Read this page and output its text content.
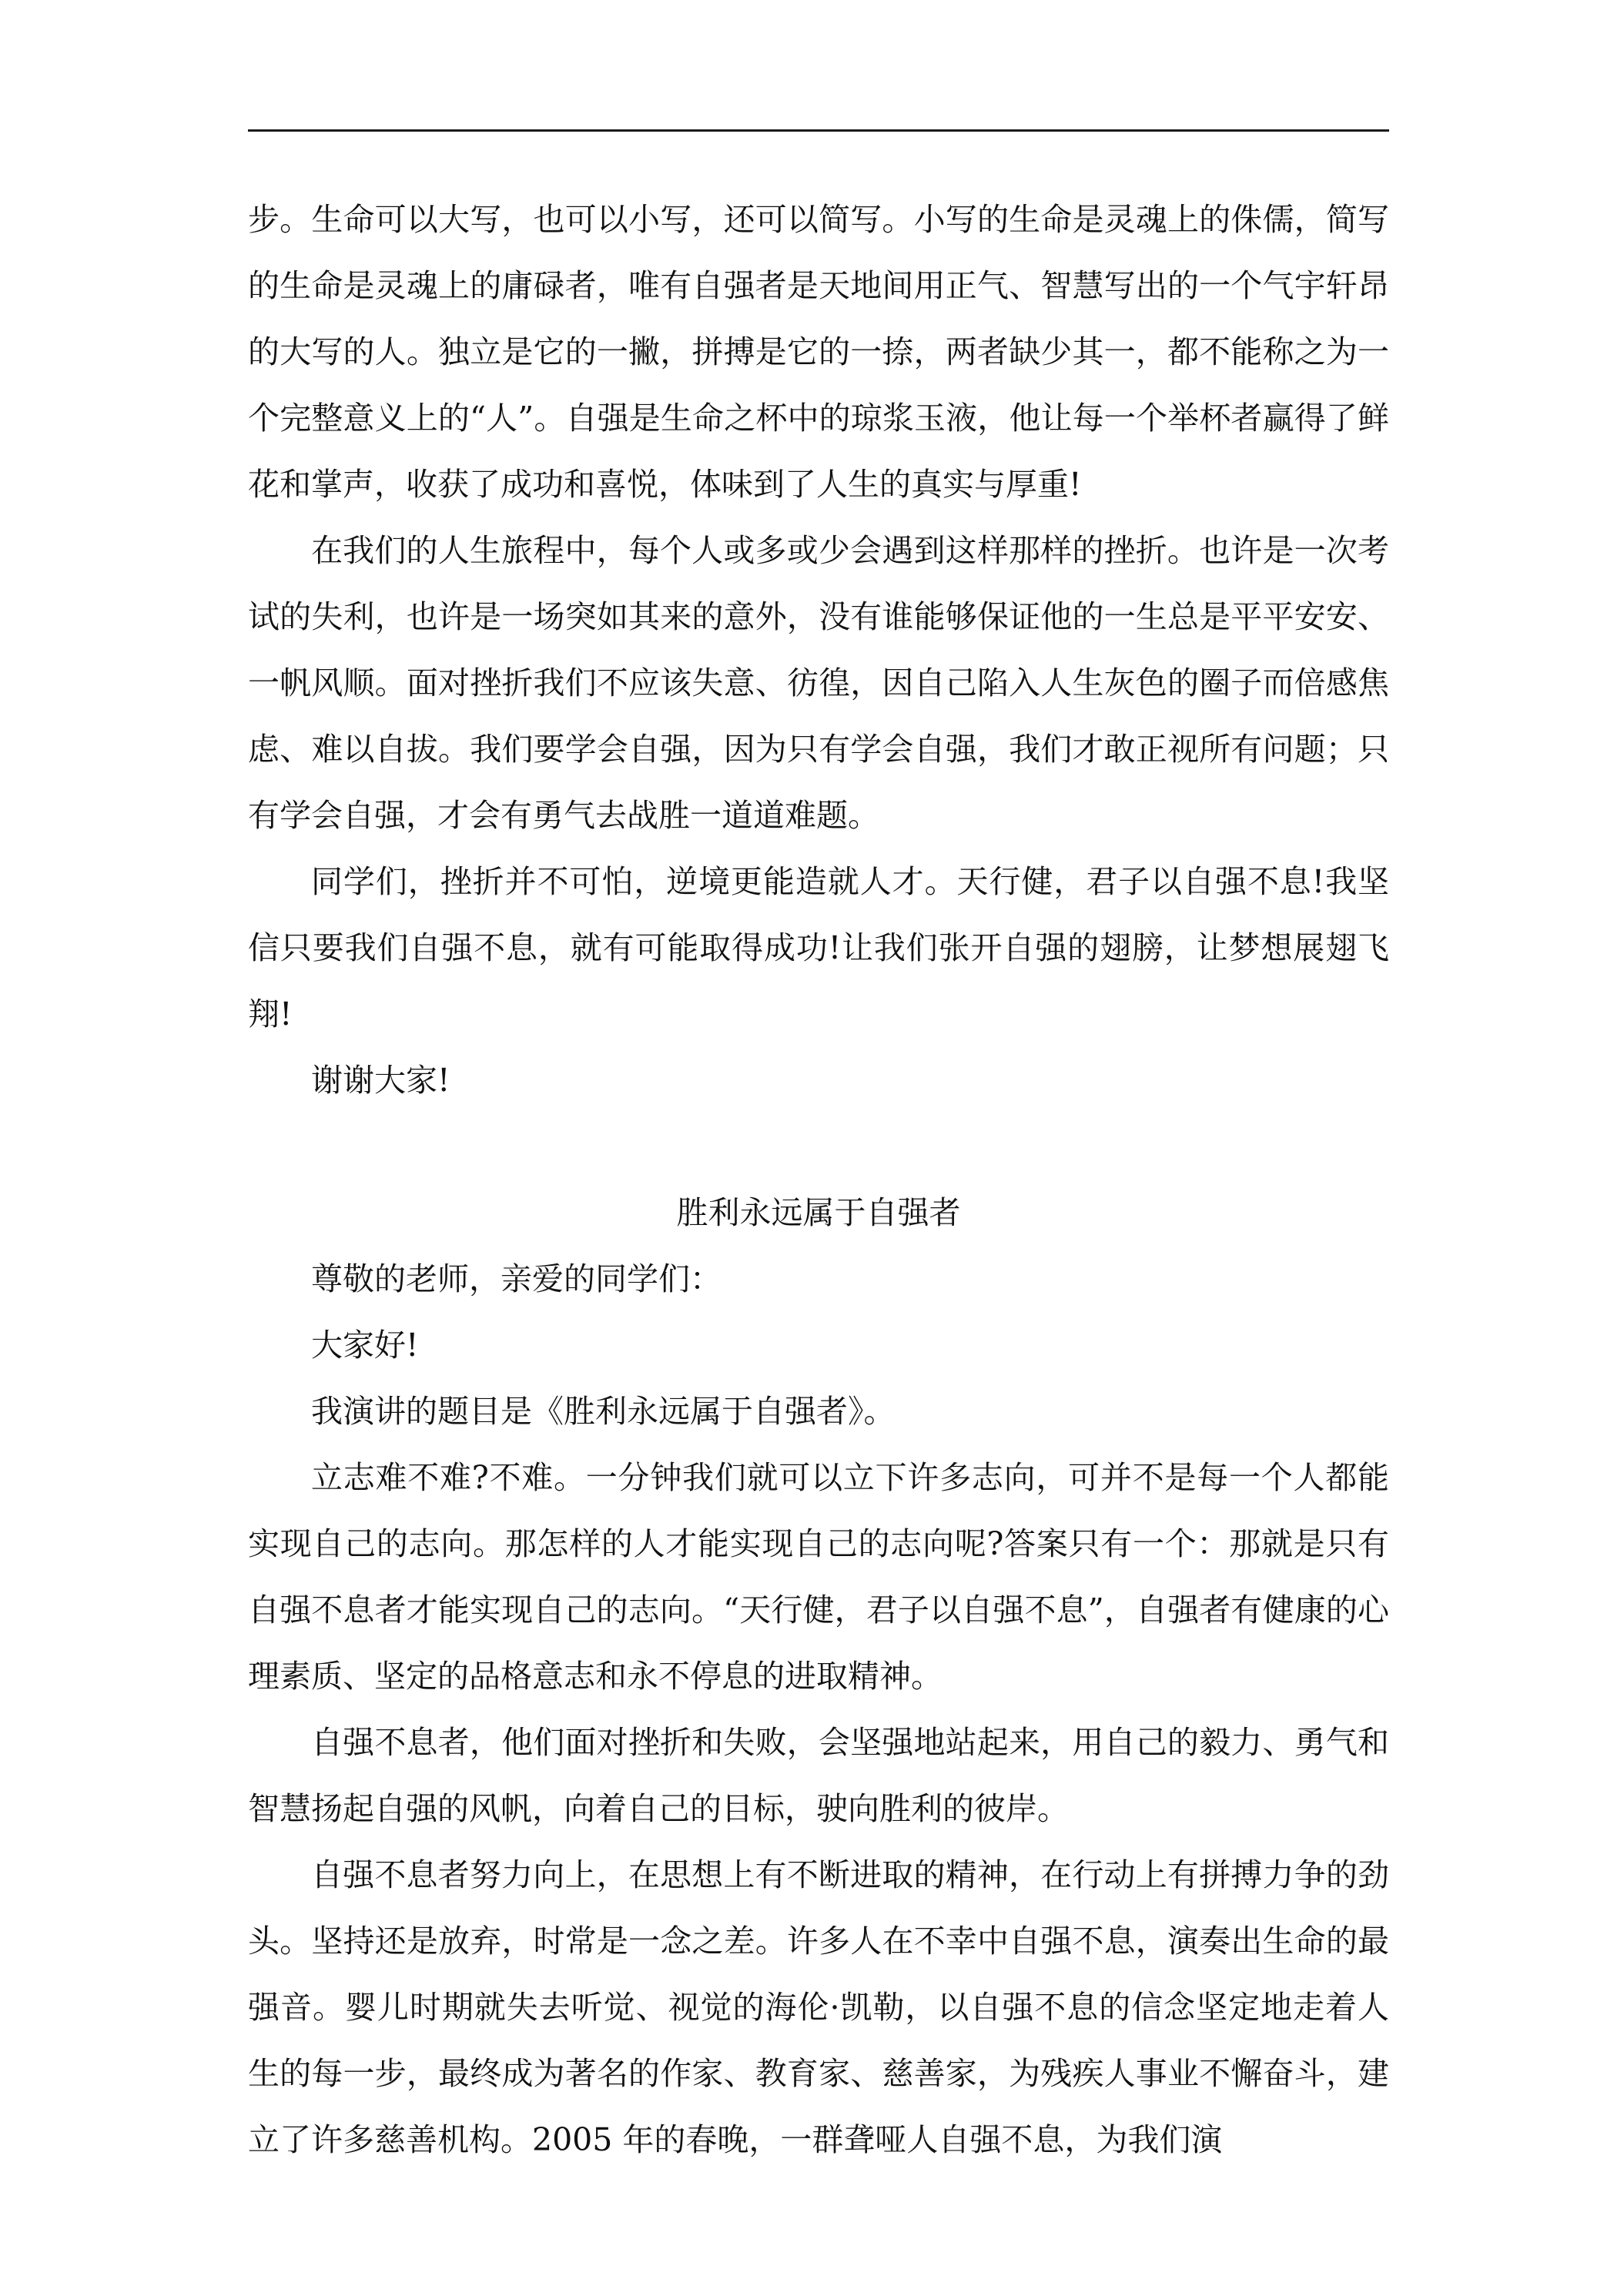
步。生命可以大写，也可以小写，还可以简写。小写的生命是灵魂上的侏儒，简写的生命是灵魂上的庸碌者，唯有自强者是天地间用正气、智慧写出的一个气宇轩昂的大写的人。独立是它的一撇，拼搏是它的一捺，两者缺少其一，都不能称之为一个完整意义上的“人”。自强是生命之杯中的琼浆玉液，他让每一个举杯者赢得了鲜花和掌声，收获了成功和喜悦，体味到了人生的真实与厚重!

在我们的人生旅程中，每个人或多或少会遇到这样那样的挫折。也许是一次考试的失利，也许是一场突如其来的意外，没有谁能够保证他的一生总是平平安安、一帆风顺。面对挫折我们不应该失意、彷徨，因自己陷入人生灰色的圈子而倍感焦虑、难以自拔。我们要学会自强，因为只有学会自强，我们才敢正视所有问题；只有学会自强，才会有勇气去战胜一道道难题。

同学们，挫折并不可怕，逆境更能造就人才。天行健，君子以自强不息!我坚信只要我们自强不息，就有可能取得成功!让我们张开自强的翅膀，让梦想展翅飞翔!

谢谢大家!

胜利永远属于自强者

尊敬的老师，亲爱的同学们：

大家好!

我演讲的题目是《胜利永远属于自强者》。

立志难不难?不难。一分钟我们就可以立下许多志向，可并不是每一个人都能实现自己的志向。那怎样的人才能实现自己的志向呢?答案只有一个：那就是只有自强不息者才能实现自己的志向。“天行健，君子以自强不息”，自强者有健康的心理素质、坚定的品格意志和永不停息的进取精神。

自强不息者，他们面对挫折和失败，会坚强地站起来，用自己的毅力、勇气和智慧扬起自强的风帆，向着自己的目标，驶向胜利的彼岸。

自强不息者努力向上，在思想上有不断进取的精神，在行动上有拼搏力争的劲头。坚持还是放弃，时常是一念之差。许多人在不幸中自强不息，演奏出生命的最强音。婴儿时期就失去听觉、视觉的海伦·凯勒，以自强不息的信念坚定地走着人生的每一步，最终成为著名的作家、教育家、慈善家，为残疾人事业不懈奋斗，建立了许多慈善机构。2005 年的春晚，一群聋哑人自强不息，为我们演
